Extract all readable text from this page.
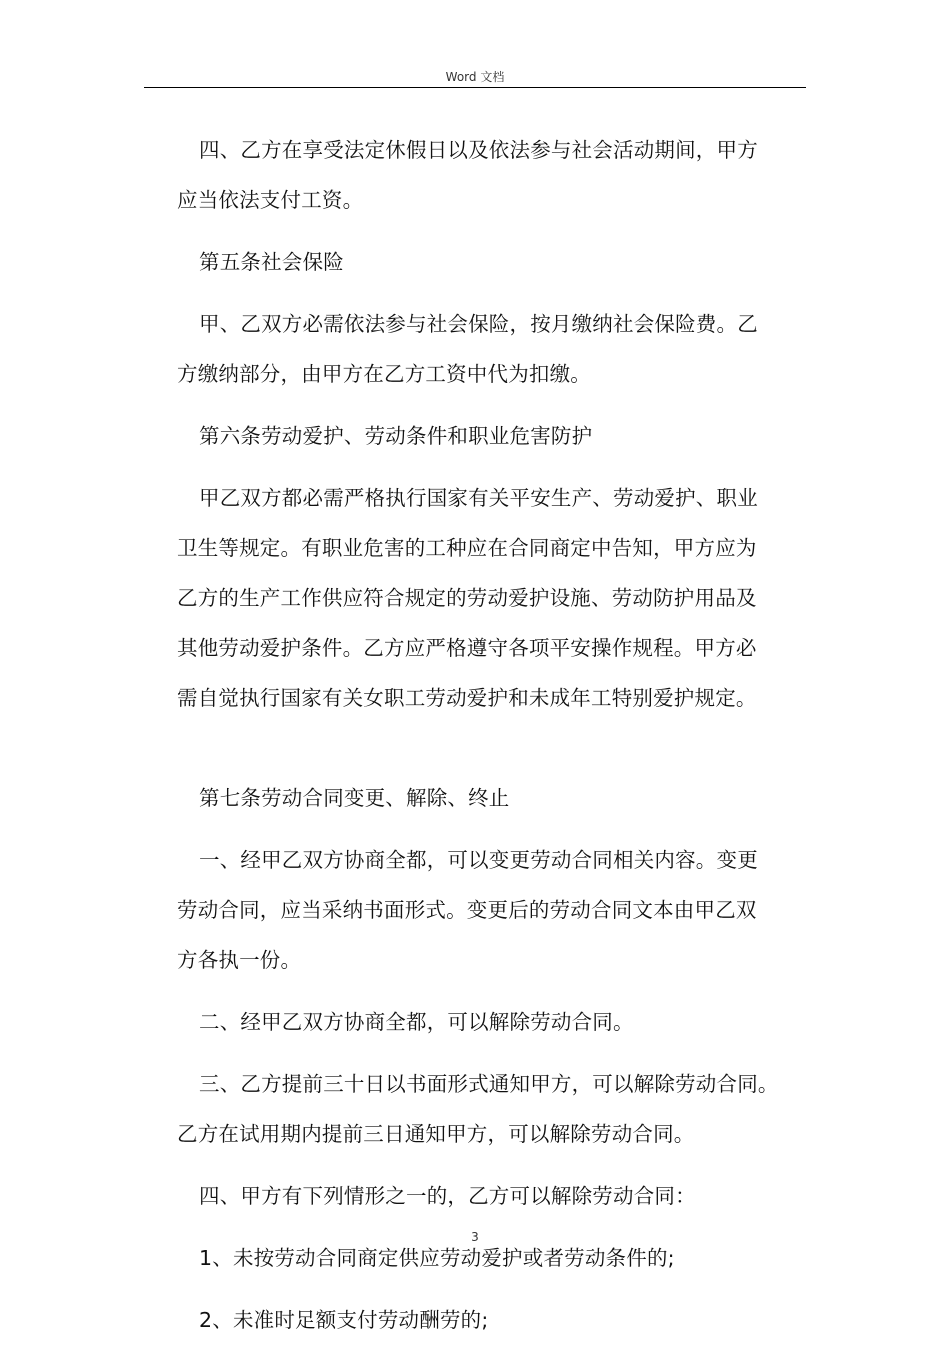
Word 文档
四、乙方在享受法定休假日以及依法参与社会活动期间，甲方
应当依法支付工资。
第五条社会保险
甲、乙双方必需依法参与社会保险，按月缴纳社会保险费。乙
方缴纳部分，由甲方在乙方工资中代为扣缴。
第六条劳动爱护、劳动条件和职业危害防护
甲乙双方都必需严格执行国家有关平安生产、劳动爱护、职业
卫生等规定。有职业危害的工种应在合同商定中告知，甲方应为
乙方的生产工作供应符合规定的劳动爱护设施、劳动防护用品及
其他劳动爱护条件。乙方应严格遵守各项平安操作规程。甲方必
需自觉执行国家有关女职工劳动爱护和未成年工特别爱护规定。
第七条劳动合同变更、解除、终止
一、经甲乙双方协商全都，可以变更劳动合同相关内容。变更
劳动合同，应当采纳书面形式。变更后的劳动合同文本由甲乙双
方各执一份。
二、经甲乙双方协商全都，可以解除劳动合同。
三、乙方提前三十日以书面形式通知甲方，可以解除劳动合同。
乙方在试用期内提前三日通知甲方，可以解除劳动合同。
四、甲方有下列情形之一的，乙方可以解除劳动合同：
1、未按劳动合同商定供应劳动爱护或者劳动条件的;
2、未准时足额支付劳动酬劳的;
3
